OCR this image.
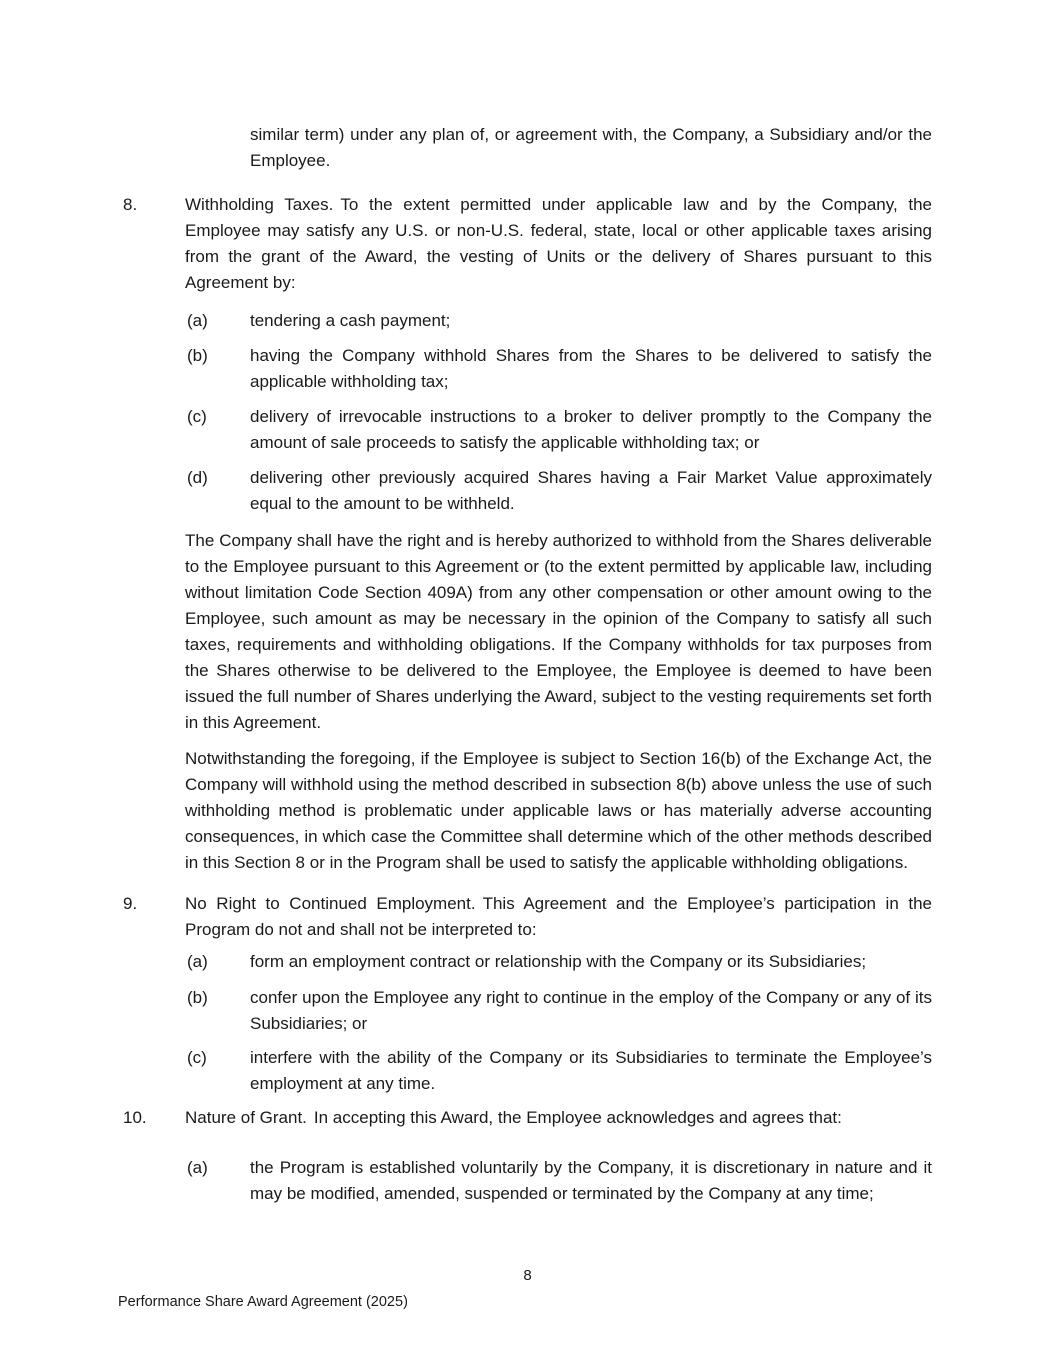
similar term) under any plan of, or agreement with, the Company, a Subsidiary and/or the Employee.
8.	Withholding Taxes. To the extent permitted under applicable law and by the Company, the Employee may satisfy any U.S. or non-U.S. federal, state, local or other applicable taxes arising from the grant of the Award, the vesting of Units or the delivery of Shares pursuant to this Agreement by:
(a)	tendering a cash payment;
(b)	having the Company withhold Shares from the Shares to be delivered to satisfy the applicable withholding tax;
(c)	delivery of irrevocable instructions to a broker to deliver promptly to the Company the amount of sale proceeds to satisfy the applicable withholding tax; or
(d)	delivering other previously acquired Shares having a Fair Market Value approximately equal to the amount to be withheld.
The Company shall have the right and is hereby authorized to withhold from the Shares deliverable to the Employee pursuant to this Agreement or (to the extent permitted by applicable law, including without limitation Code Section 409A) from any other compensation or other amount owing to the Employee, such amount as may be necessary in the opinion of the Company to satisfy all such taxes, requirements and withholding obligations. If the Company withholds for tax purposes from the Shares otherwise to be delivered to the Employee, the Employee is deemed to have been issued the full number of Shares underlying the Award, subject to the vesting requirements set forth in this Agreement.
Notwithstanding the foregoing, if the Employee is subject to Section 16(b) of the Exchange Act, the Company will withhold using the method described in subsection 8(b) above unless the use of such withholding method is problematic under applicable laws or has materially adverse accounting consequences, in which case the Committee shall determine which of the other methods described in this Section 8 or in the Program shall be used to satisfy the applicable withholding obligations.
9.	No Right to Continued Employment. This Agreement and the Employee’s participation in the Program do not and shall not be interpreted to:
(a)	form an employment contract or relationship with the Company or its Subsidiaries;
(b)	confer upon the Employee any right to continue in the employ of the Company or any of its Subsidiaries; or
(c)	interfere with the ability of the Company or its Subsidiaries to terminate the Employee’s employment at any time.
10.	Nature of Grant. In accepting this Award, the Employee acknowledges and agrees that:
(a)	the Program is established voluntarily by the Company, it is discretionary in nature and it may be modified, amended, suspended or terminated by the Company at any time;
8
Performance Share Award Agreement (2025)
